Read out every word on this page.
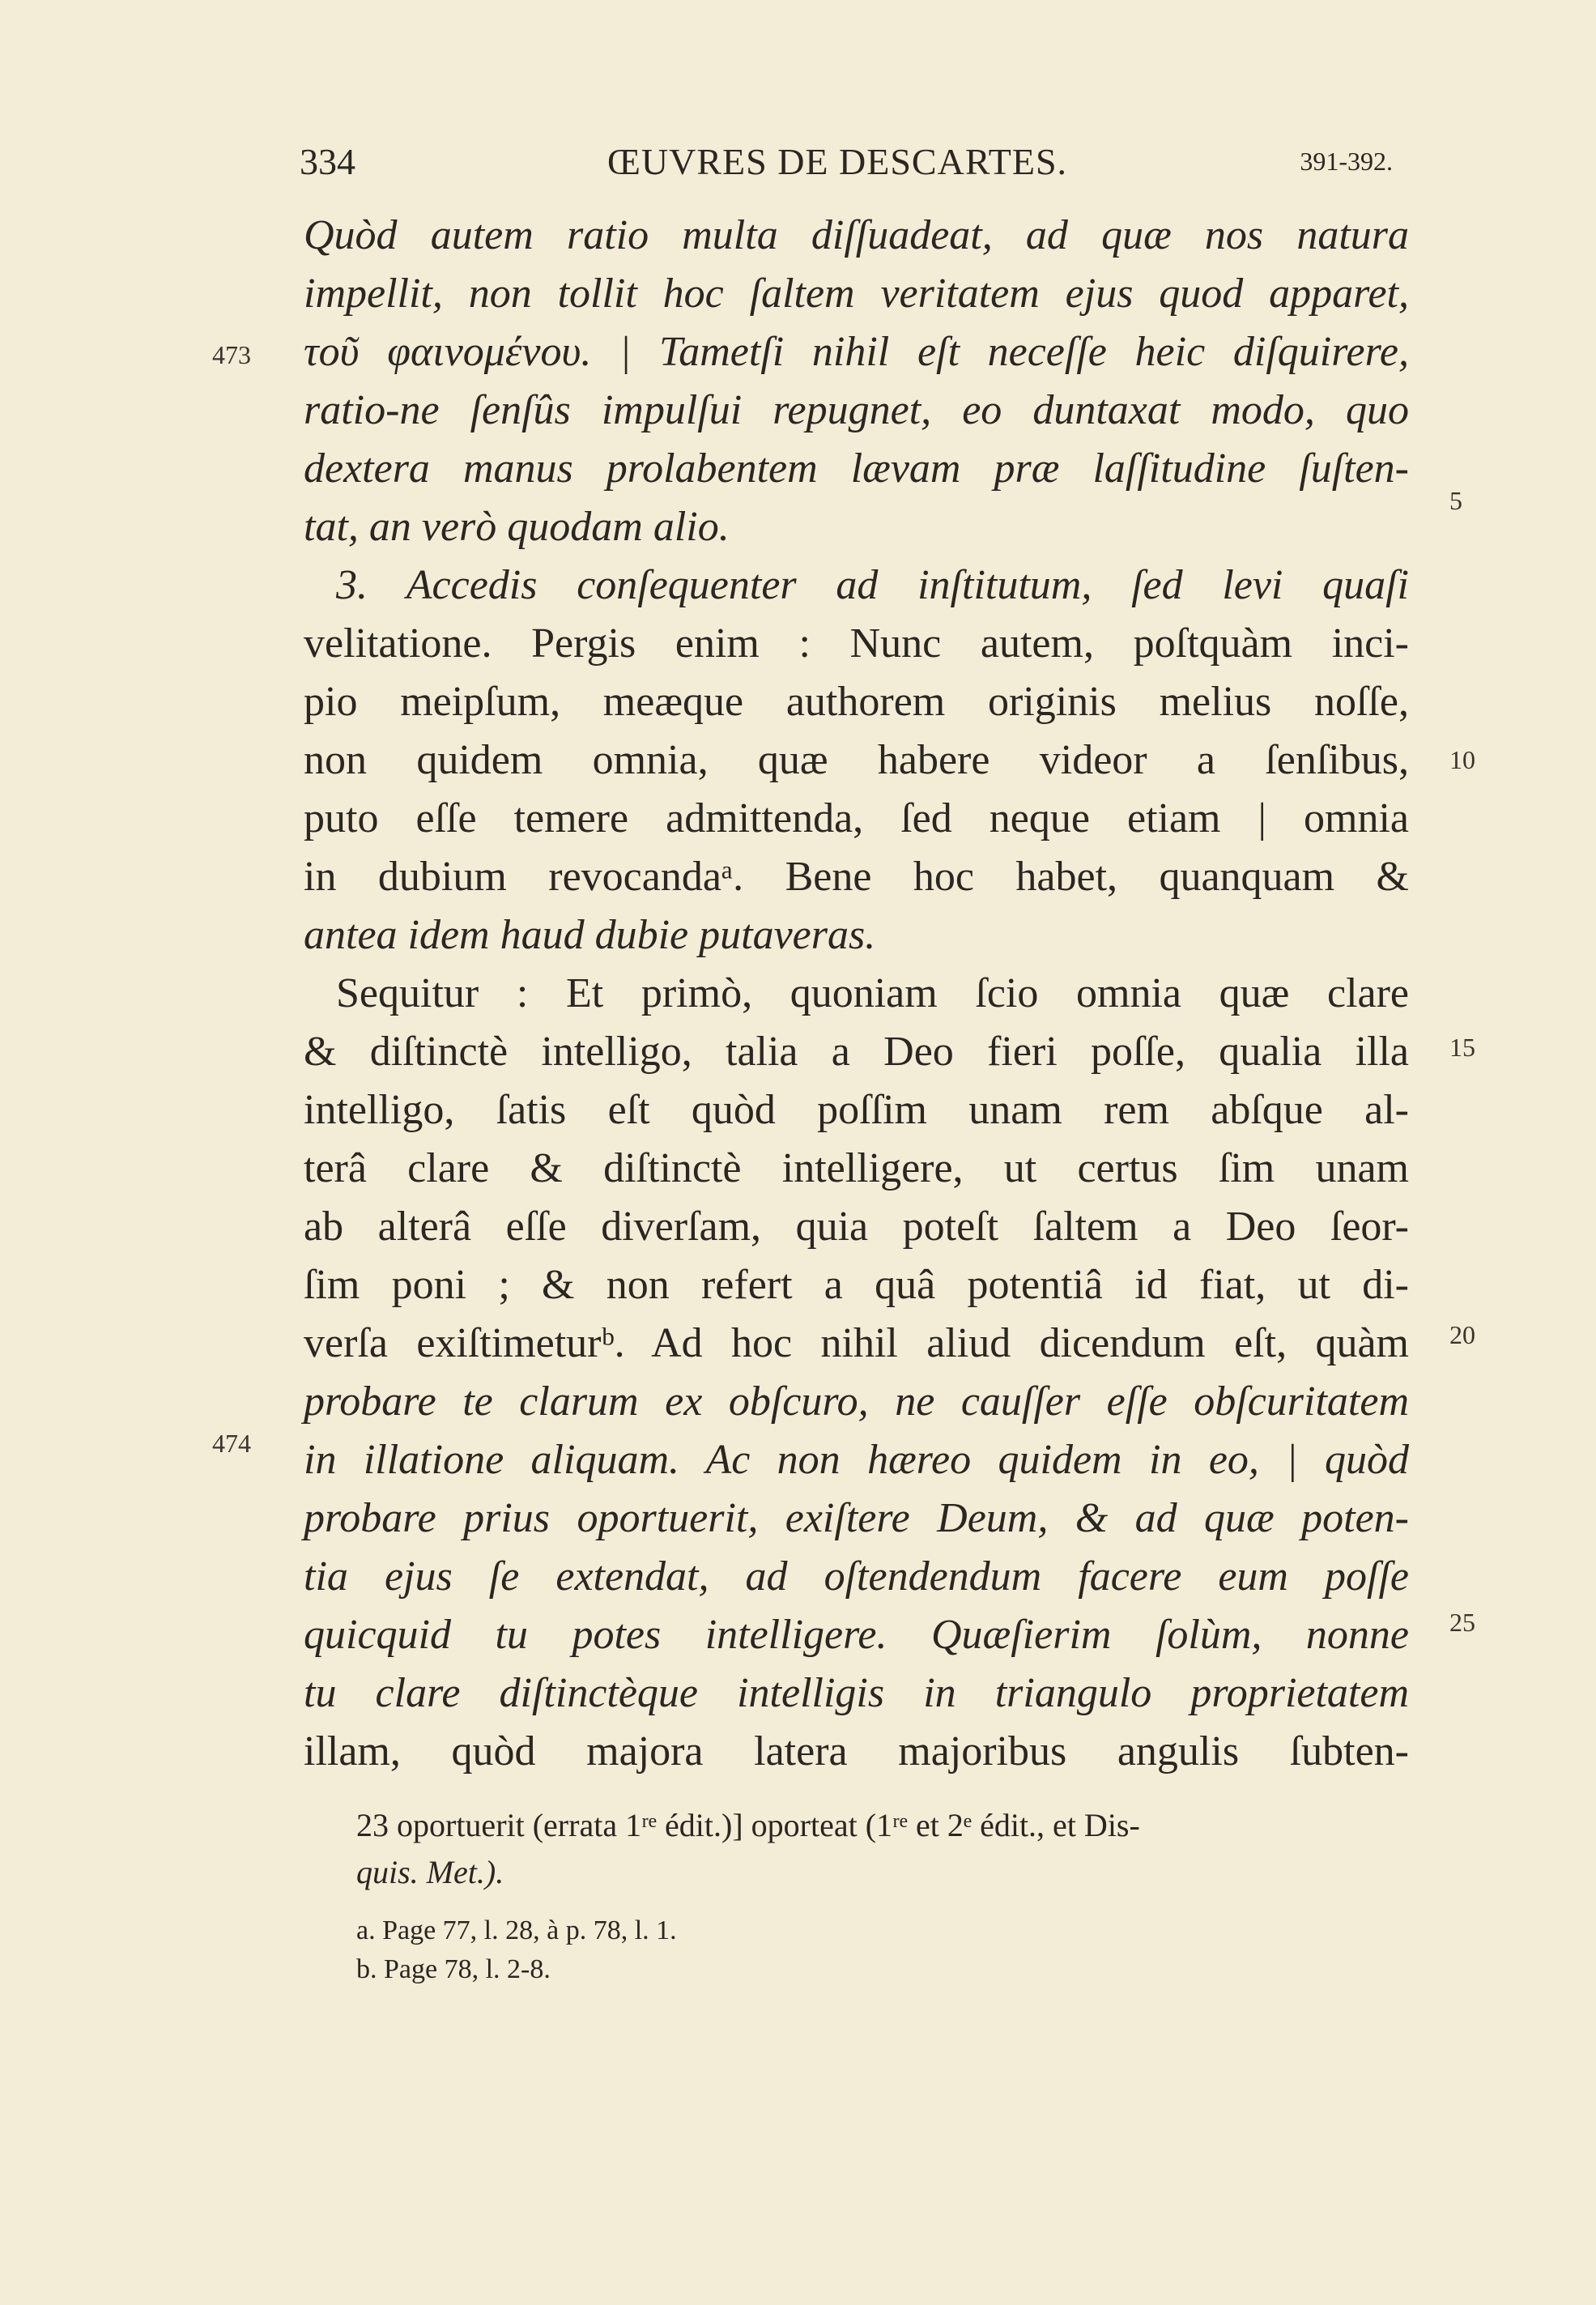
334	ŒUVRES DE DESCARTES.	391-392.
Quòd autem ratio multa diſſuadeat, ad quæ nos natura
impellit, non tollit hoc ſaltem veritatem ejus quod apparet,
τοῦ φαινομένου. | Tametſi nihil eſt neceſſe heic diſquirere,
ratio-ne ſenſûs impulſui repugnet, eo duntaxat modo, quo
dextera manus prolabentem lævam præ laſſitudine ſuſten-
tat, an verò quodam alio.
3. Accedis conſequenter ad inſtitutum, ſed levi quaſi
velitatione. Pergis enim : Nunc autem, poſtquàm inci-
pio meipſum, meæque authorem originis melius noſſe,
non quidem omnia, quæ habere videor a ſenſibus,
puto eſſe temere admittenda, ſed neque etiam | omnia
in dubium revocandaᵃ. Bene hoc habet, quanquam &
antea idem haud dubie putaveras.
Sequitur : Et primò, quoniam ſcio omnia quæ clare
& diſtinctè intelligo, talia a Deo fieri poſſe, qualia illa
intelligo, ſatis eſt quòd poſſim unam rem abſque al-
terâ clare & diſtinctè intelligere, ut certus ſim unam
ab alterâ eſſe diverſam, quia poteſt ſaltem a Deo ſeor-
ſim poni ; & non refert a quâ potentiâ id fiat, ut di-
verſa exiſtimeturᵇ. Ad hoc nihil aliud dicendum eſt, quàm
probare te clarum ex obſcuro, ne cauſſer eſſe obſcuritatem
in illatione aliquam. Ac non hæreo quidem in eo, | quòd
probare prius oportuerit, exiſtere Deum, & ad quæ poten-
tia ejus ſe extendat, ad oſtendendum facere eum poſſe
quicquid tu potes intelligere. Quæſierim ſolùm, nonne
tu clare diſtinctèque intelligis in triangulo proprietatem
illam, quòd majora latera majoribus angulis ſubten-
473
474
5
10
15
20
25
23 oportuerit (errata 1ʳᵉ édit.)] oporteat (1ʳᵉ et 2ᵉ édit., et Dis-
quis. Met.).
a. Page 77, l. 28, à p. 78, l. 1.
b. Page 78, l. 2-8.
